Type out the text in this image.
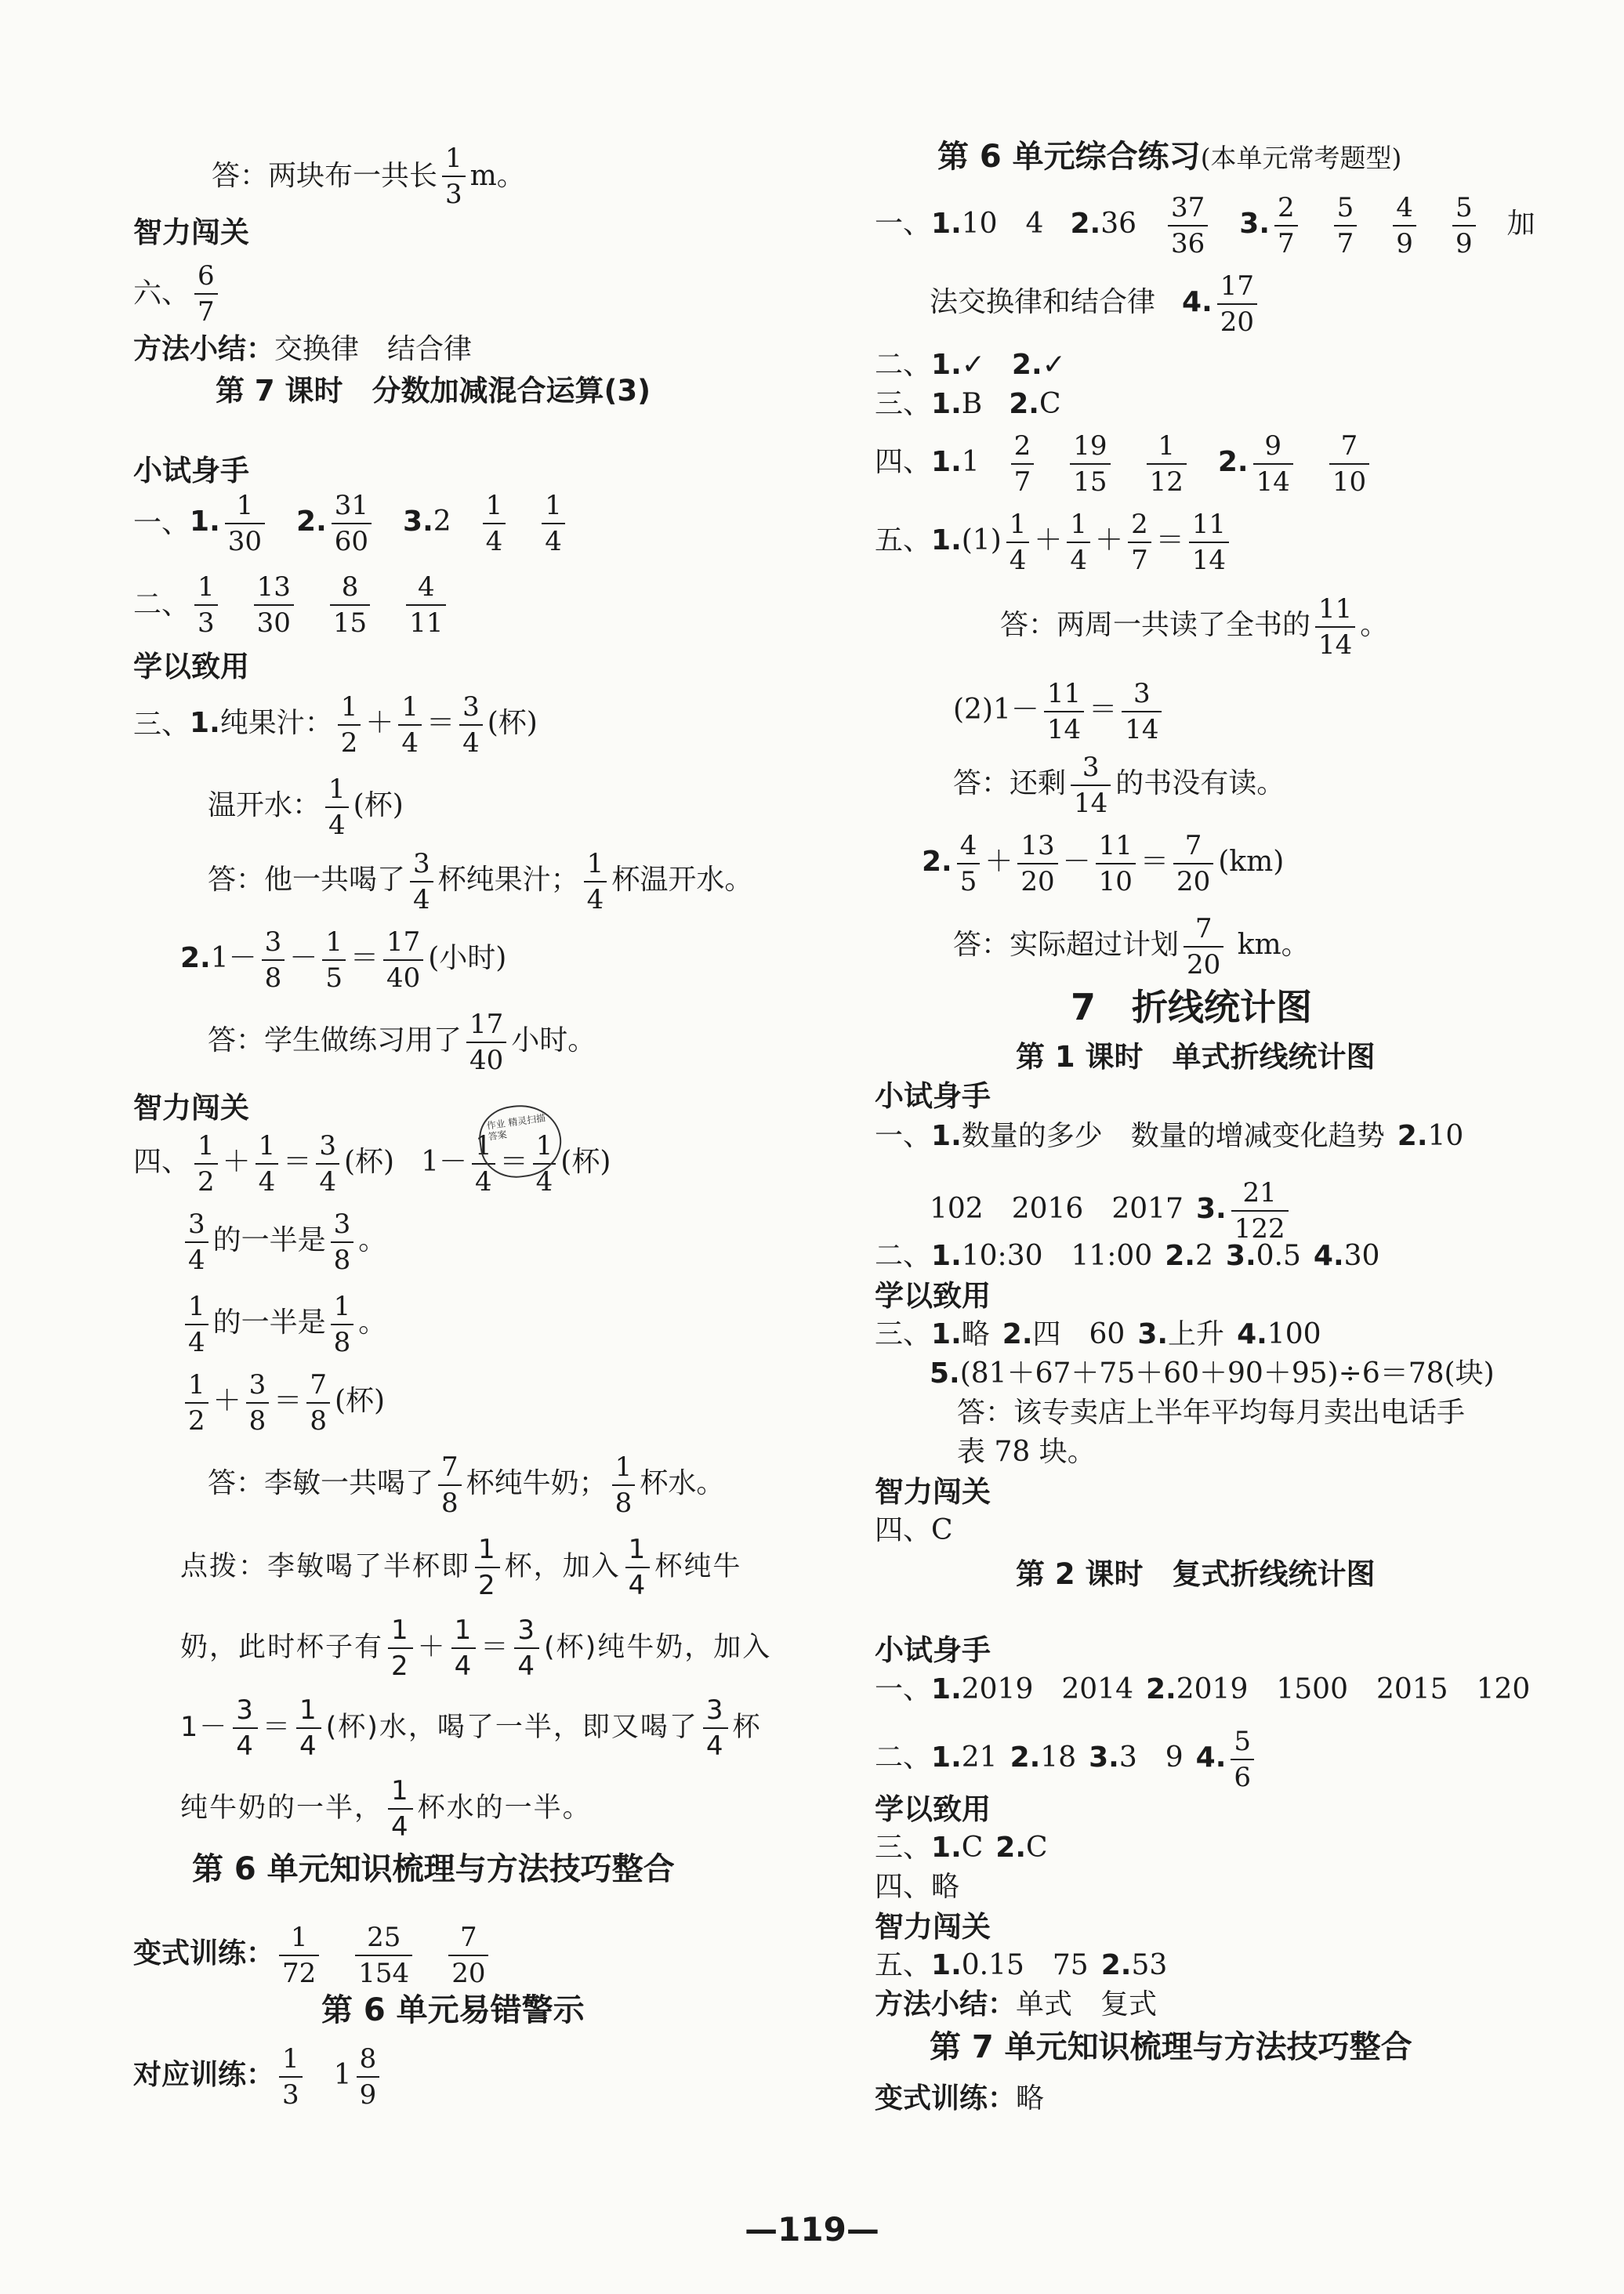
答：两块布一共长 $\frac{1}{3}$ m。
智力闯关
六、 $\frac{6}{7}$
方法小结：交换律　结合律
第 7 课时　分数加减混合运算(3)
小试身手
一、1. $\frac{1}{30} 2$. $\frac{31}{60} 3.2 \frac{1}{4} \frac{1}{4}$
二、 $\frac{1}{3} \frac{13}{30} \frac{8}{15} \frac{4}{11}$
学以致用
三、1.纯果汁： $\frac{1}{2} + \frac{1}{4} = \frac{3}{4}$ (杯)
温开水： $\frac{1}{4}$ (杯)
答：他一共喝了 $\frac{3}{4}$ 杯纯果汁； $\frac{1}{4}$ 杯温开水。
$2.1- \frac{3}{8} - \frac{1}{5} = \frac{17}{40}$ (小时)
答：学生做练习用了 $\frac{17}{40}$ 小时。
智力闯关
四、 $\frac{1}{2} + \frac{1}{4} = \frac{3}{4}$ (杯) $1- \frac{1}{4} = \frac{1}{4}$ (杯)
$\frac{3}{4}$ 的一半是 $\frac{3}{8}$ 。
$\frac{1}{4}$ 的一半是 $\frac{1}{8}$ 。
$\frac{1}{2} + \frac{3}{8} = \frac{7}{8}$ (杯)
答：李敏一共喝了 $\frac{7}{8}$ 杯纯牛奶； $\frac{1}{8}$ 杯水。
点拨：李敏喝了半杯即 $\frac{1}{2}$ 杯，加入 $\frac{1}{4}$ 杯纯牛
奶，此时杯子有 $\frac{1}{2} + \frac{1}{4} = \frac{3}{4}$ (杯)纯牛奶，加入
$1- \frac{3}{4} = \frac{1}{4}$ (杯)水，喝了一半，即又喝了 $\frac{3}{4}$ 杯
纯牛奶的一半， $\frac{1}{4}$ 杯水的一半。
第 6 单元知识梳理与方法技巧整合
变式训练： $\frac{1}{72} \frac{25}{154} \frac{7}{20}$
第 6 单元易错警示
对应训练： $\frac{1}{3} 1 \frac{8}{9}$
作业 精灵扫描 答案
第 6 单元综合练习(本单元常考题型)
一、1.10　4 $2.36 \frac{37}{36} 3$. $\frac{2}{7} \frac{5}{7} \frac{4}{9} \frac{5}{9}$ 加
法交换律和结合律 4. $\frac{17}{20}$
二、1.✓ 2.✓
三、1.B 2.C
四、$1.1 \frac{2}{7} \frac{19}{15} \frac{1}{12} 2$. $\frac{9}{14} \frac{7}{10}$
五、$1.(1) \frac{1}{4} + \frac{1}{4} + \frac{2}{7} = \frac{11}{14}$
答：两周一共读了全书的 $\frac{11}{14}$ 。
$(2)1- \frac{11}{14} = \frac{3}{14}$
答：还剩 $\frac{3}{14}$ 的书没有读。
2. $\frac{4}{5} + \frac{13}{20} - \frac{11}{10} = \frac{7}{20} (km)$
答：实际超过计划 $\frac{7}{20}$ km。
7　折线统计图
第 1 课时　单式折线统计图
小试身手
一、1.数量的多少　数量的增减变化趋势 2.10
102　2016　2017 3. $\frac{21}{122}$
二、1.10:30　11:00 2.2 3.0.5 4.30
学以致用
三、1.略 2.四　60 3.上升 4.100
5.(81＋67＋75＋60＋90＋95)÷6＝78(块)
答：该专卖店上半年平均每月卖出电话手
表 78 块。
智力闯关
四、C
第 2 课时　复式折线统计图
小试身手
一、1.2019　2014 2.2019　1500　2015　120
二、1.21 2.18 3.3　9 4. $\frac{5}{6}$
学以致用
三、1.C 2.C
四、略
智力闯关
五、1.0.15　75 2.53
方法小结：单式　复式
第 7 单元知识梳理与方法技巧整合
变式训练：略
—119—
